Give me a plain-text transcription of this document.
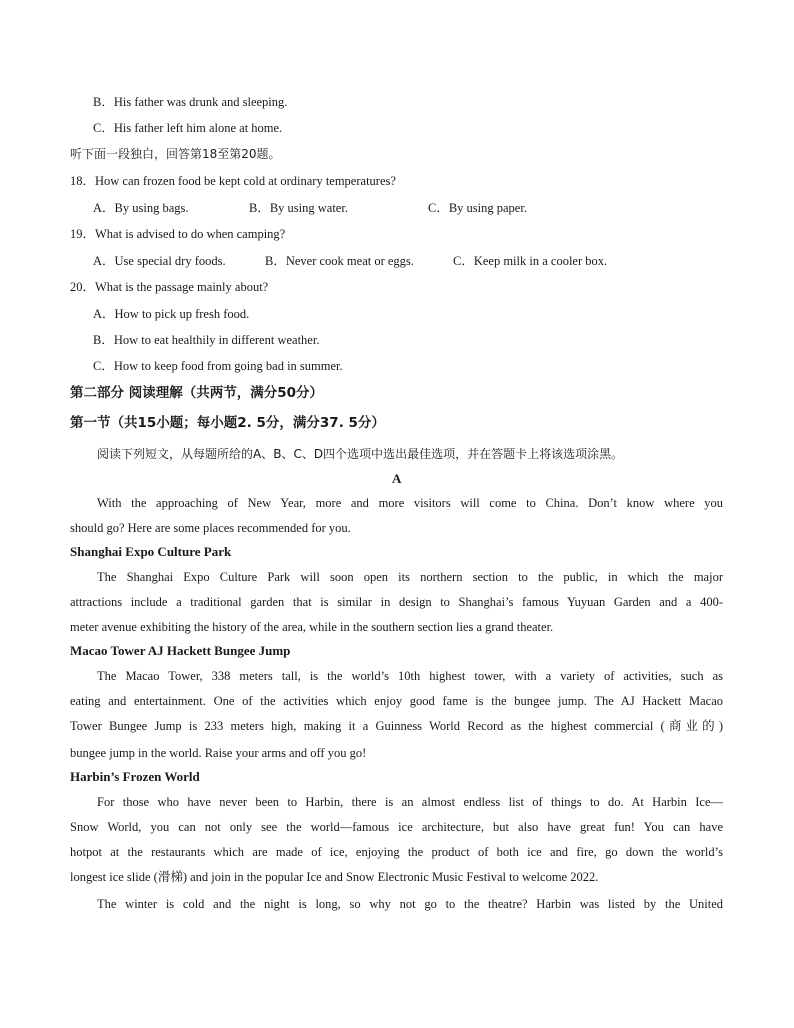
B．His father was drunk and sleeping.
C．His father left him alone at home.
听下面一段独白，回答第18至第20题。
18．How can frozen food be kept cold at ordinary temperatures?
A．By using bags.	B．By using water.	C．By using paper.
19．What is advised to do when camping?
A．Use special dry foods.	B．Never cook meat or eggs.	C．Keep milk in a cooler box.
20．What is the passage mainly about?
A．How to pick up fresh food.
B．How to eat healthily in different weather.
C．How to keep food from going bad in summer.
第二部分 阅读理解（共两节，满分50分）
第一节（共15小题；每小题2. 5分，满分37. 5分）
阅读下列短文，从每题所给的A、B、C、D四个选项中选出最佳选项，并在答题卡上将该选项涂黑。
A
With the approaching of New Year, more and more visitors will come to China. Don’t know where you
should go? Here are some places recommended for you.
Shanghai Expo Culture Park
The Shanghai Expo Culture Park will soon open its northern section to the public, in which the major
attractions include a traditional garden that is similar in design to Shanghai’s famous Yuyuan Garden and a 400-
meter avenue exhibiting the history of the area, while in the southern section lies a grand theater.
Macao Tower AJ Hackett Bungee Jump
The Macao Tower, 338 meters tall, is the world’s 10th highest tower, with a variety of activities, such as
eating and entertainment. One of the activities which enjoy good fame is the bungee jump. The AJ Hackett Macao
Tower Bungee Jump is 233 meters high, making it a Guinness World Record as the highest commercial (商业的)
bungee jump in the world. Raise your arms and off you go!
Harbin’s Frozen World
For those who have never been to Harbin, there is an almost endless list of things to do. At Harbin Ice—
Snow World, you can not only see the world—famous ice architecture, but also have great fun! You can have
hotpot at the restaurants which are made of ice, enjoying the product of both ice and fire, go down the world’s
longest ice slide (滑梯) and join in the popular Ice and Snow Electronic Music Festival to welcome 2022.
The winter is cold and the night is long, so why not go to the theatre? Harbin was listed by the United
